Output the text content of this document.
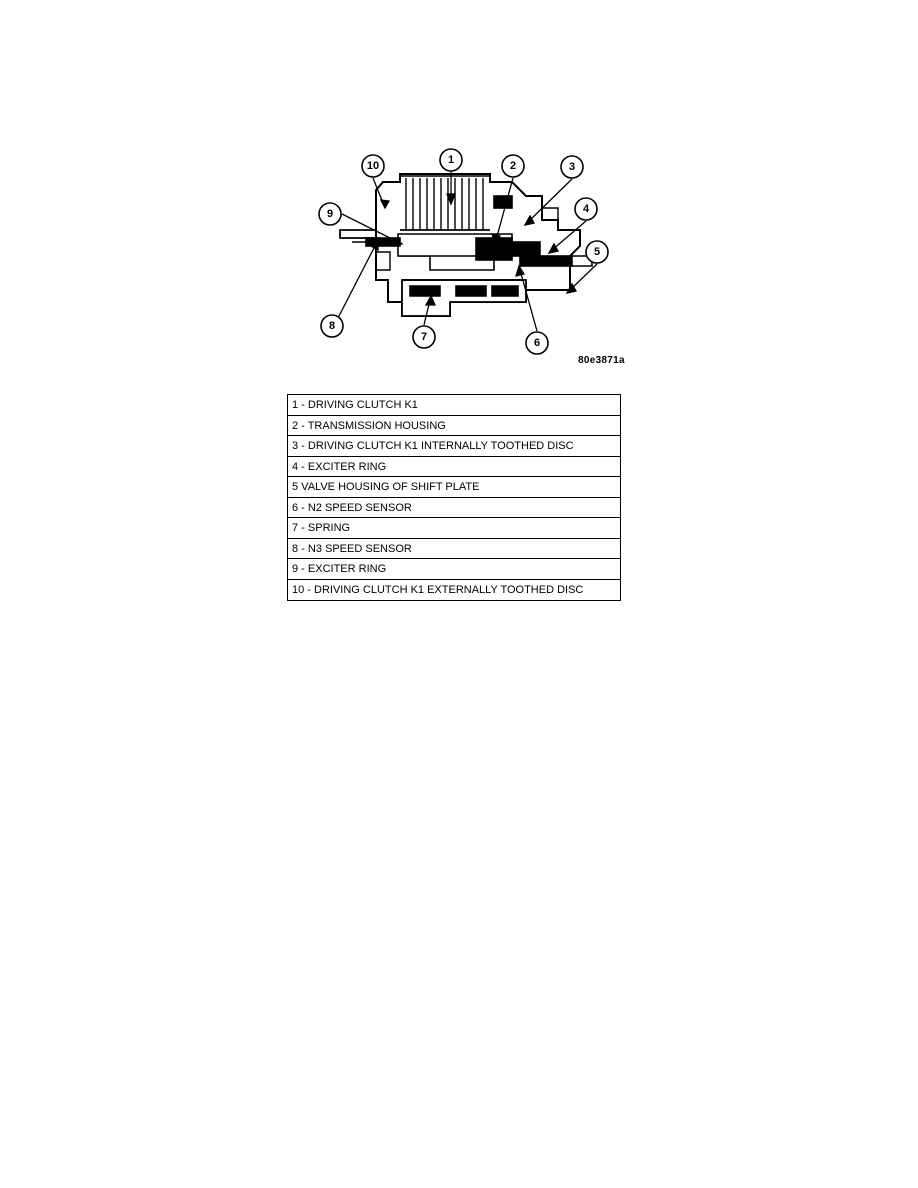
10	1	2	3
9	4
5
8
7	6
80e3871a
1 - DRIVING CLUTCH K1
2 - TRANSMISSION HOUSING
3 - DRIVING CLUTCH K1 INTERNALLY TOOTHED DISC
4 - EXCITER RING
5 VALVE HOUSING OF SHIFT PLATE
6 - N2 SPEED SENSOR
7 - SPRING
8 - N3 SPEED SENSOR
9 - EXCITER RING
10 - DRIVING CLUTCH K1 EXTERNALLY TOOTHED DISC
